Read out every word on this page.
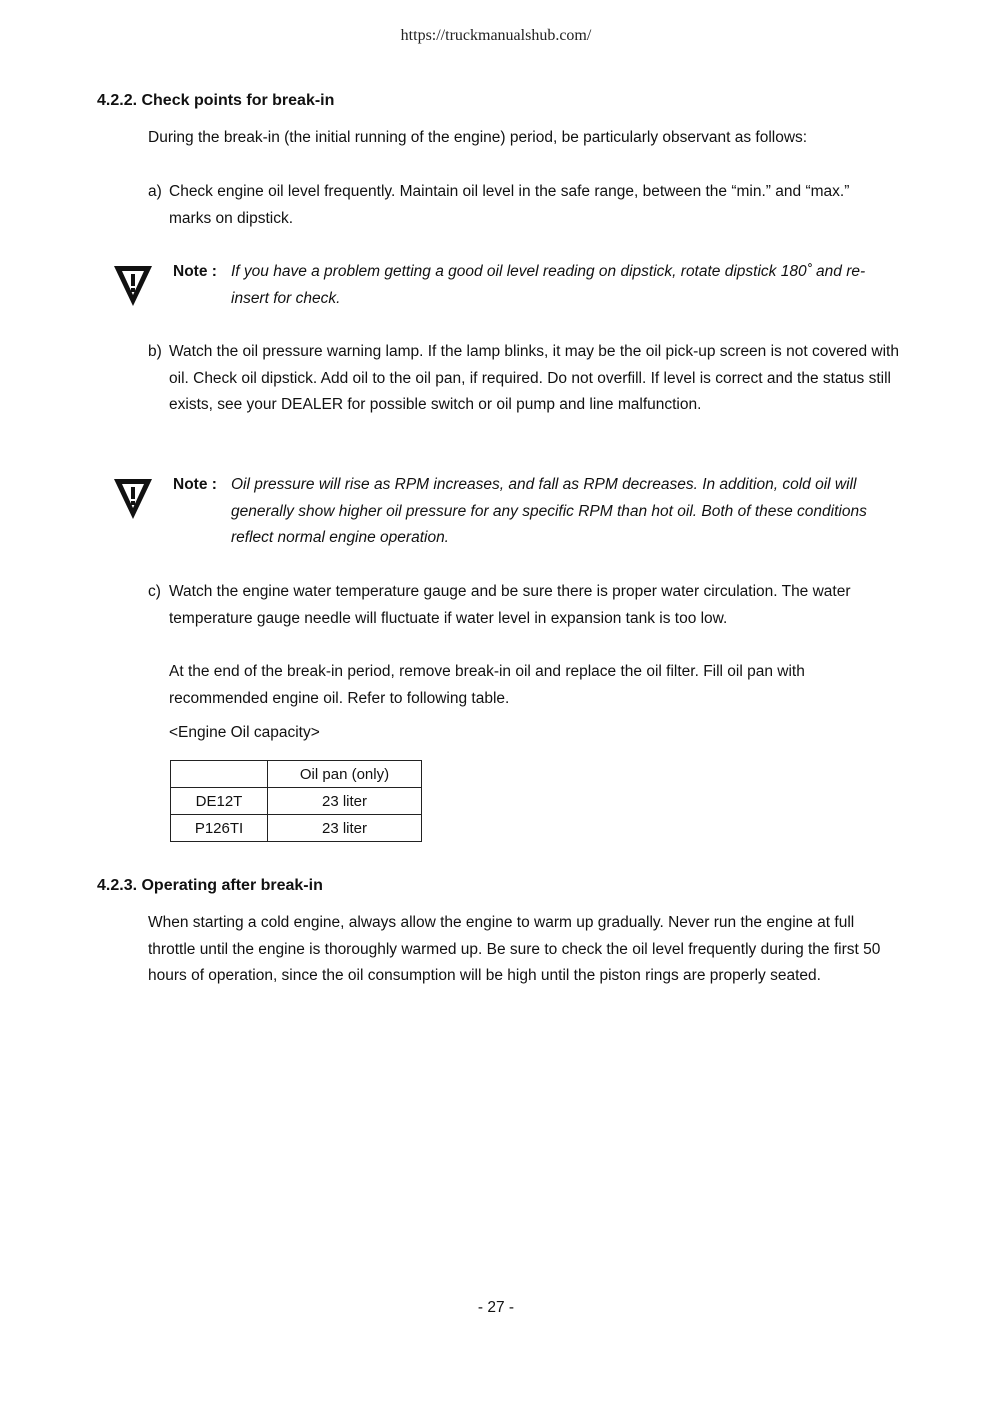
https://truckmanualshub.com/
4.2.2. Check points for break-in
During the break-in (the initial running of the engine) period, be particularly observant as follows:
a) Check engine oil level frequently. Maintain oil level in the safe range, between the “min.” and “max.” marks on dipstick.
Note : If you have a problem getting a good oil level reading on dipstick, rotate dipstick 180˚ and re-insert for check.
b) Watch the oil pressure warning lamp. If the lamp blinks, it may be the oil pick-up screen is not covered with oil. Check oil dipstick. Add oil to the oil pan, if required. Do not overfill. If level is correct and the status still exists, see your DEALER for possible switch or oil pump and line malfunction.
Note : Oil pressure will rise as RPM increases, and fall as RPM decreases. In addition, cold oil will generally show higher oil pressure for any specific RPM than hot oil. Both of these conditions reflect normal engine operation.
c) Watch the engine water temperature gauge and be sure there is proper water circulation. The water temperature gauge needle will fluctuate if water level in expansion tank is too low.
At the end of the break-in period, remove break-in oil and replace the oil filter. Fill oil pan with recommended engine oil. Refer to following table.
<Engine Oil capacity>
	Oil pan (only)
DE12T	23 liter
P126TI	23 liter
4.2.3. Operating after break-in
When starting a cold engine, always allow the engine to warm up gradually. Never run the engine at full throttle until the engine is thoroughly warmed up. Be sure to check the oil level frequently during the first 50 hours of operation, since the oil consumption will be high until the piston rings are properly seated.
- 27 -
